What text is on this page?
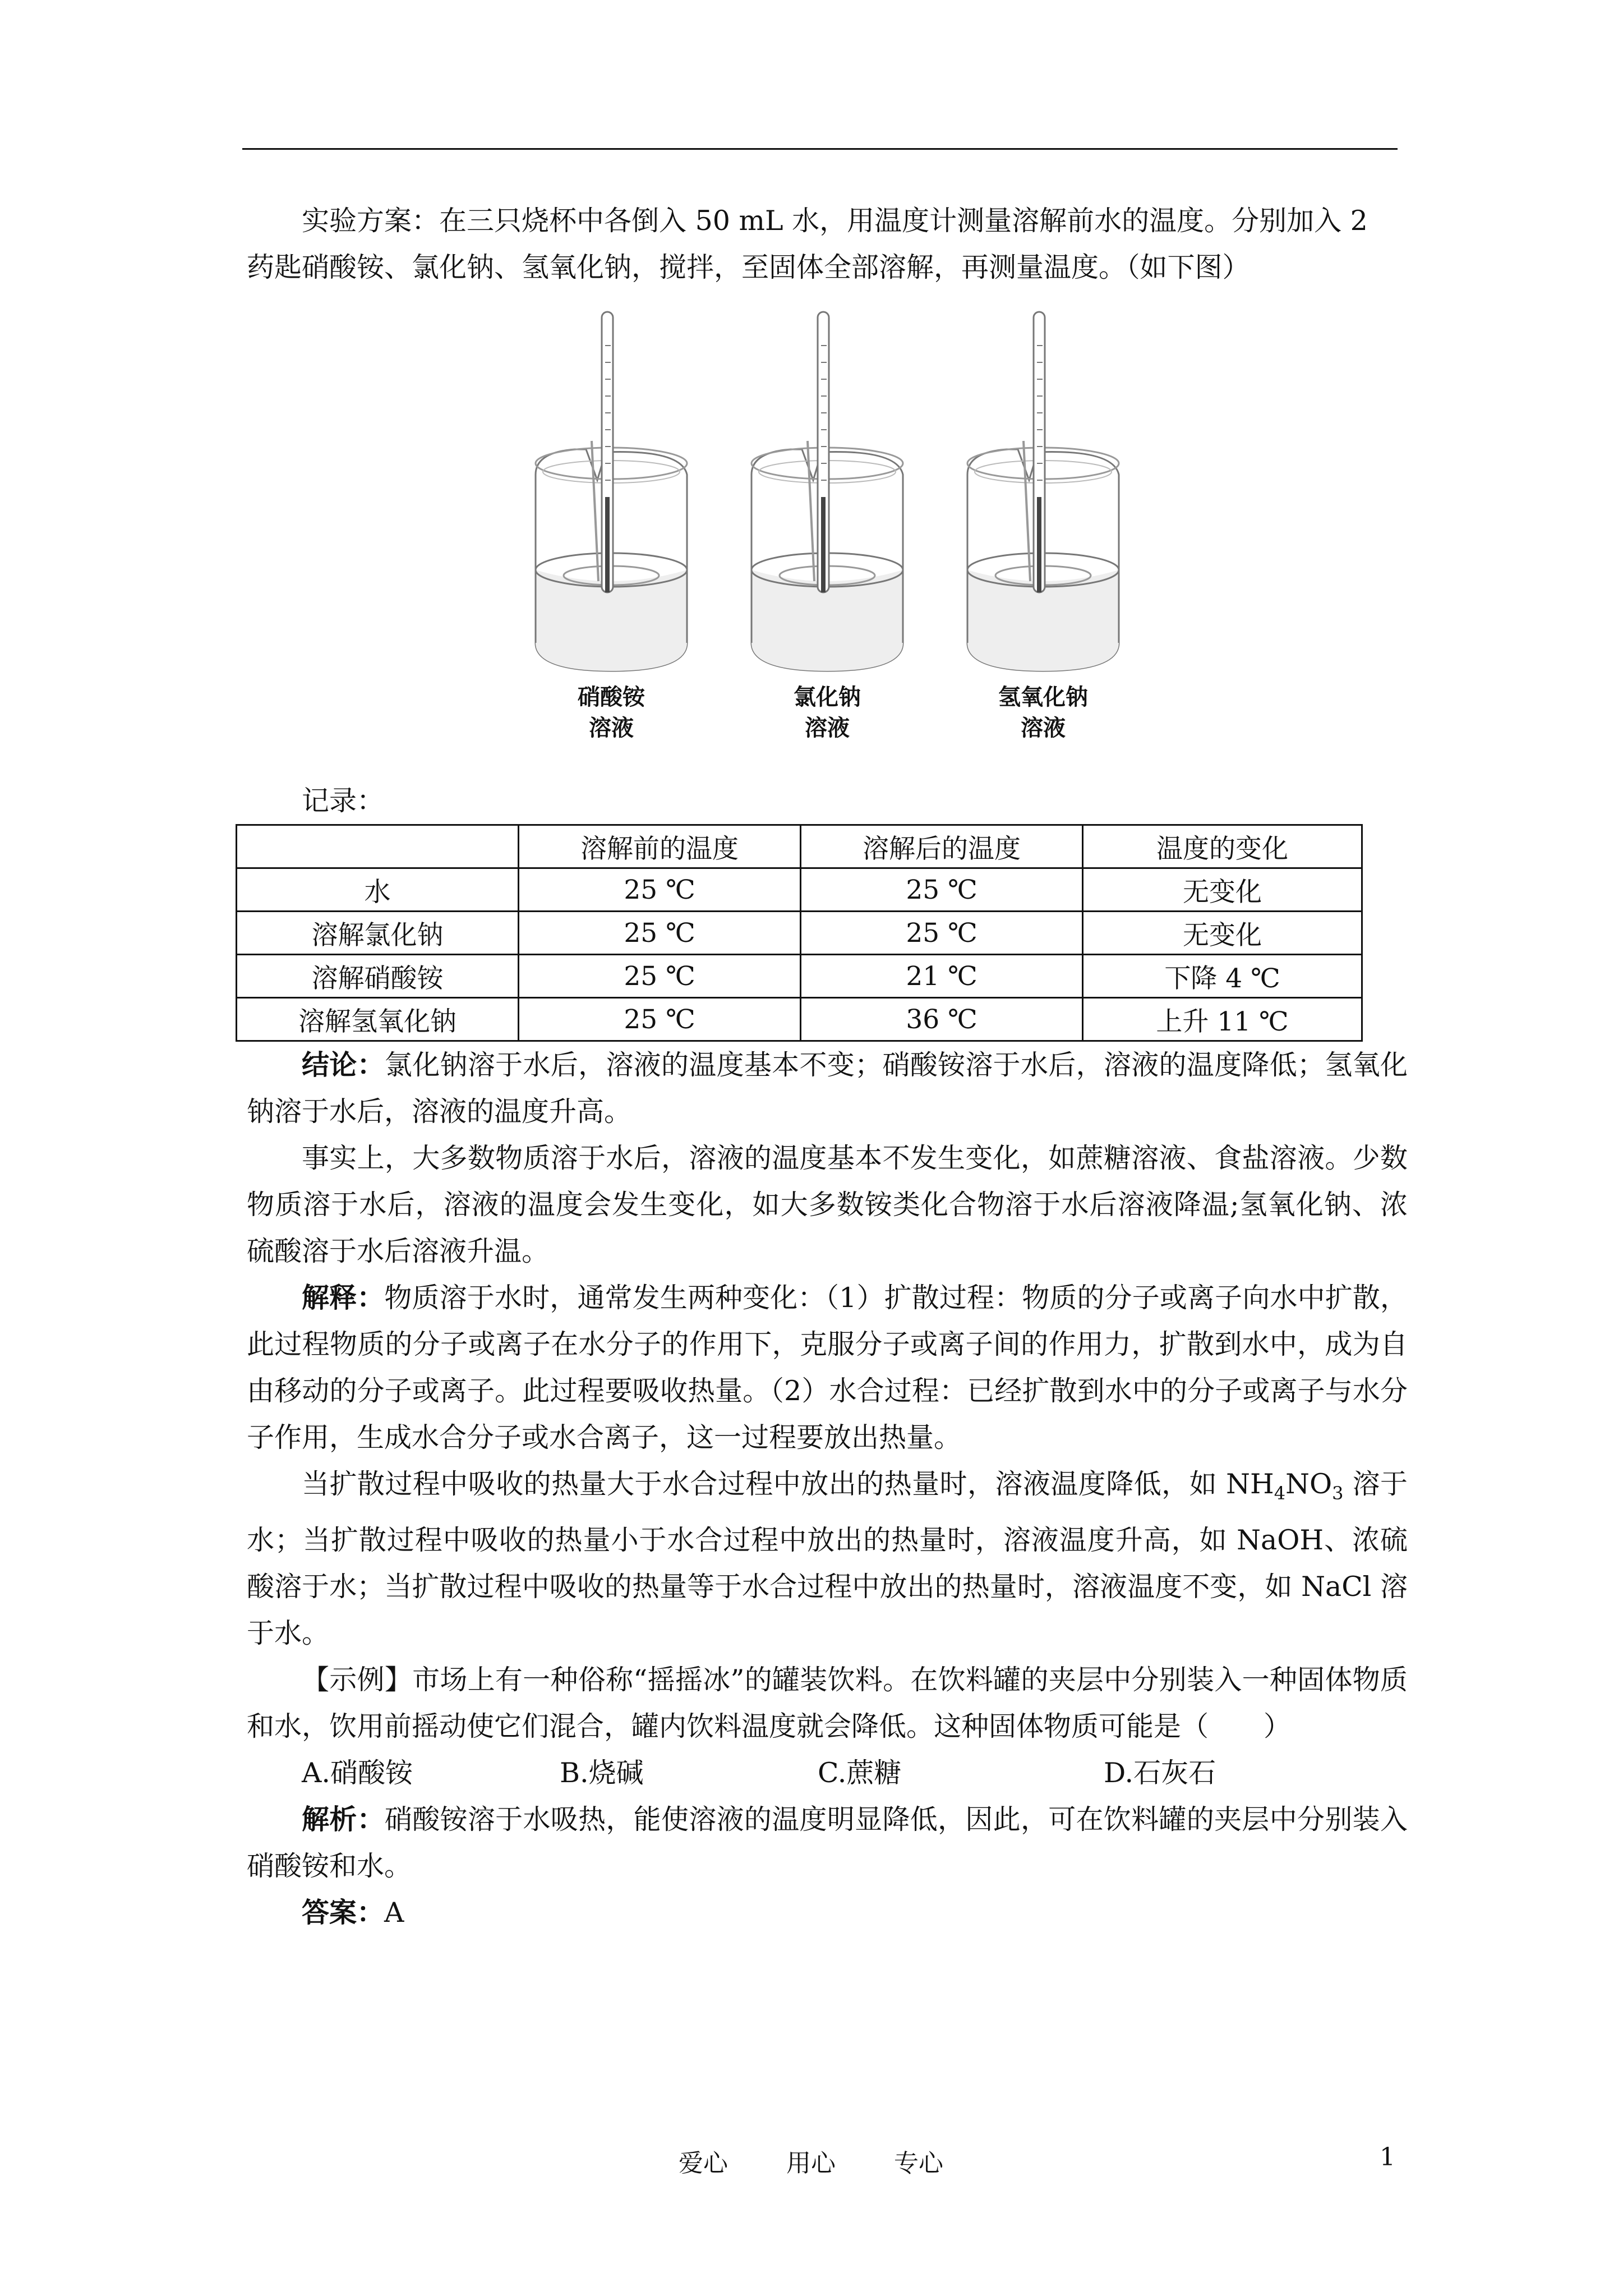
实验方案：在三只烧杯中各倒入 50 mL 水，用温度计测量溶解前水的温度。分别加入 2

药匙硝酸铵、氯化钠、氢氧化钠，搅拌，至固体全部溶解，再测量温度。（如下图）

硝酸铵
溶液
氯化钠
溶液
氢氧化钠
溶液

记录：

	溶解前的温度	溶解后的温度	温度的变化
水	25 ℃	25 ℃	无变化
溶解氯化钠	25 ℃	25 ℃	无变化
溶解硝酸铵	25 ℃	21 ℃	下降 4 ℃
溶解氢氧化钠	25 ℃	36 ℃	上升 11 ℃

结论：氯化钠溶于水后，溶液的温度基本不变；硝酸铵溶于水后，溶液的温度降低；氢氧化钠溶于水后，溶液的温度升高。

事实上，大多数物质溶于水后，溶液的温度基本不发生变化，如蔗糖溶液、食盐溶液。少数物质溶于水后，溶液的温度会发生变化，如大多数铵类化合物溶于水后溶液降温;氢氧化钠、浓硫酸溶于水后溶液升温。

解释：物质溶于水时，通常发生两种变化：（1）扩散过程：物质的分子或离子向水中扩散，此过程物质的分子或离子在水分子的作用下，克服分子或离子间的作用力，扩散到水中，成为自由移动的分子或离子。此过程要吸收热量。（2）水合过程：已经扩散到水中的分子或离子与水分子作用，生成水合分子或水合离子，这一过程要放出热量。

当扩散过程中吸收的热量大于水合过程中放出的热量时，溶液温度降低，如 $NH_4NO_3$ 溶于水；当扩散过程中吸收的热量小于水合过程中放出的热量时，溶液温度升高，如 NaOH、浓硫酸溶于水；当扩散过程中吸收的热量等于水合过程中放出的热量时，溶液温度不变，如 NaCl 溶于水。

【示例】市场上有一种俗称“摇摇冰”的罐装饮料。在饮料罐的夹层中分别装入一种固体物质和水，饮用前摇动使它们混合，罐内饮料温度就会降低。这种固体物质可能是（　　）

A.硝酸铵	B.烧碱	C.蔗糖	D.石灰石

解析：硝酸铵溶于水吸热，能使溶液的温度明显降低，因此，可在饮料罐的夹层中分别装入硝酸铵和水。

答案：A

爱心 用心 专心	1
